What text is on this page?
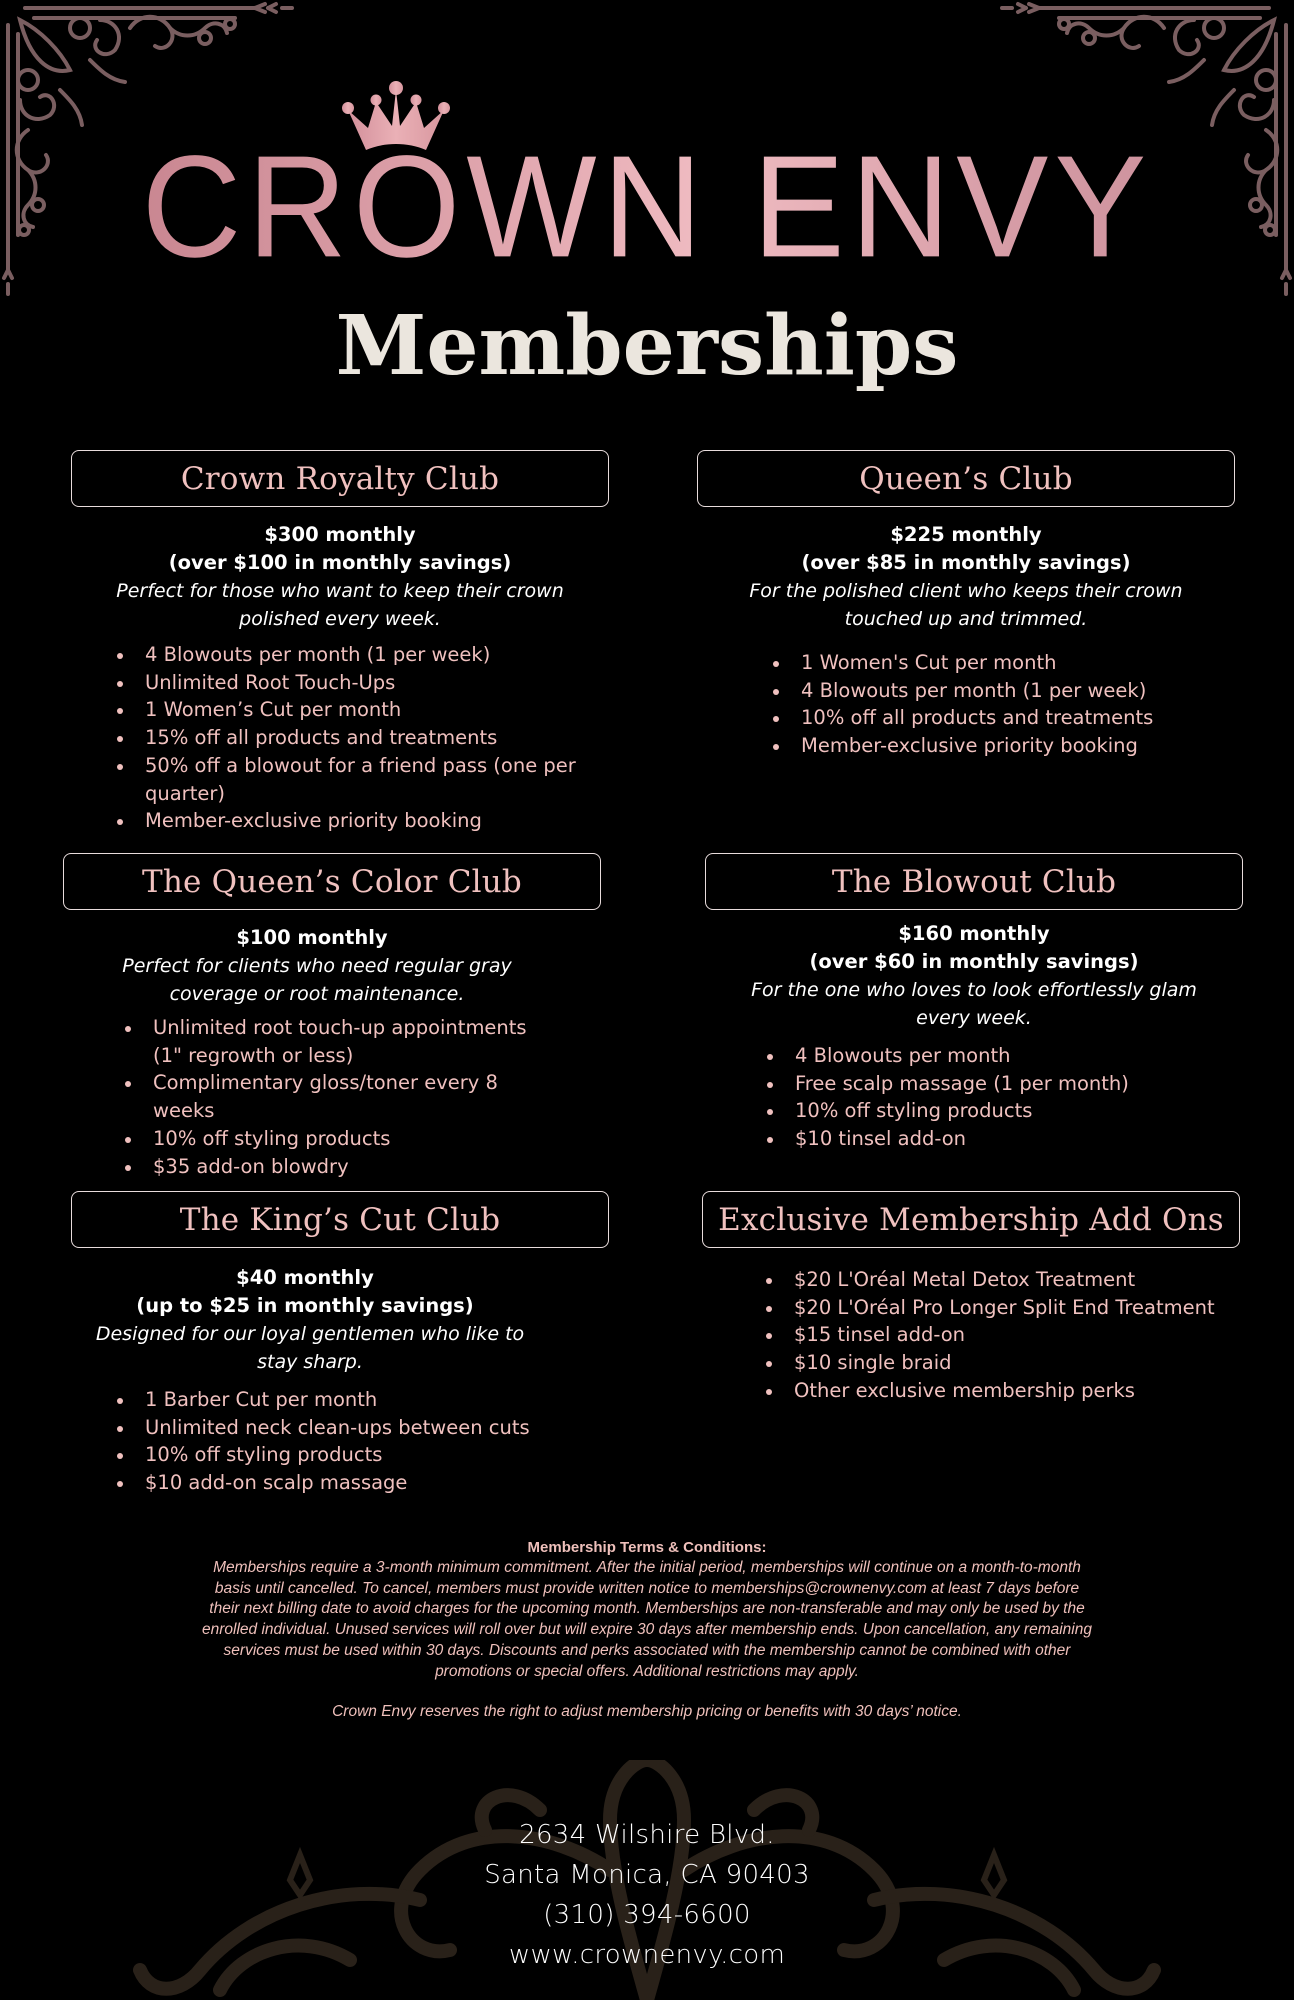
CROWN ENVY
Memberships
Crown Royalty Club
$300 monthly
(over $100 in monthly savings)
Perfect for those who want to keep their crown polished every week.
4 Blowouts per month (1 per week)
Unlimited Root Touch-Ups
1 Women’s Cut per month
15% off all products and treatments
50% off a blowout for a friend pass (one per quarter)
Member-exclusive priority booking
Queen’s Club
$225 monthly
(over $85 in monthly savings)
For the polished client who keeps their crown touched up and trimmed.
1 Women's Cut per month
4 Blowouts per month (1 per week)
10% off all products and treatments
Member-exclusive priority booking
The Queen’s Color Club
$100 monthly
Perfect for clients who need regular gray coverage or root maintenance.
Unlimited root touch-up appointments (1" regrowth or less)
Complimentary gloss/toner every 8 weeks
10% off styling products
$35 add-on blowdry
The Blowout Club
$160 monthly
(over $60 in monthly savings)
For the one who loves to look effortlessly glam every week.
4 Blowouts per month
Free scalp massage (1 per month)
10% off styling products
$10 tinsel add-on
The King’s Cut Club
$40 monthly
(up to $25 in monthly savings)
Designed for our loyal gentlemen who like to stay sharp.
1 Barber Cut per month
Unlimited neck clean-ups between cuts
10% off styling products
$10 add-on scalp massage
Exclusive Membership Add Ons
$20 L'Oréal Metal Detox Treatment
$20 L'Oréal Pro Longer Split End Treatment
$15 tinsel add-on
$10 single braid
Other exclusive membership perks
Membership Terms & Conditions:
Memberships require a 3-month minimum commitment. After the initial period, memberships will continue on a month-to-month basis until cancelled. To cancel, members must provide written notice to memberships@crownenvy.com at least 7 days before their next billing date to avoid charges for the upcoming month. Memberships are non-transferable and may only be used by the enrolled individual. Unused services will roll over but will expire 30 days after membership ends. Upon cancellation, any remaining services must be used within 30 days. Discounts and perks associated with the membership cannot be combined with other promotions or special offers. Additional restrictions may apply.
Crown Envy reserves the right to adjust membership pricing or benefits with 30 days’ notice.
2634 Wilshire Blvd.
Santa Monica, CA 90403
(310) 394-6600
www.crownenvy.com
